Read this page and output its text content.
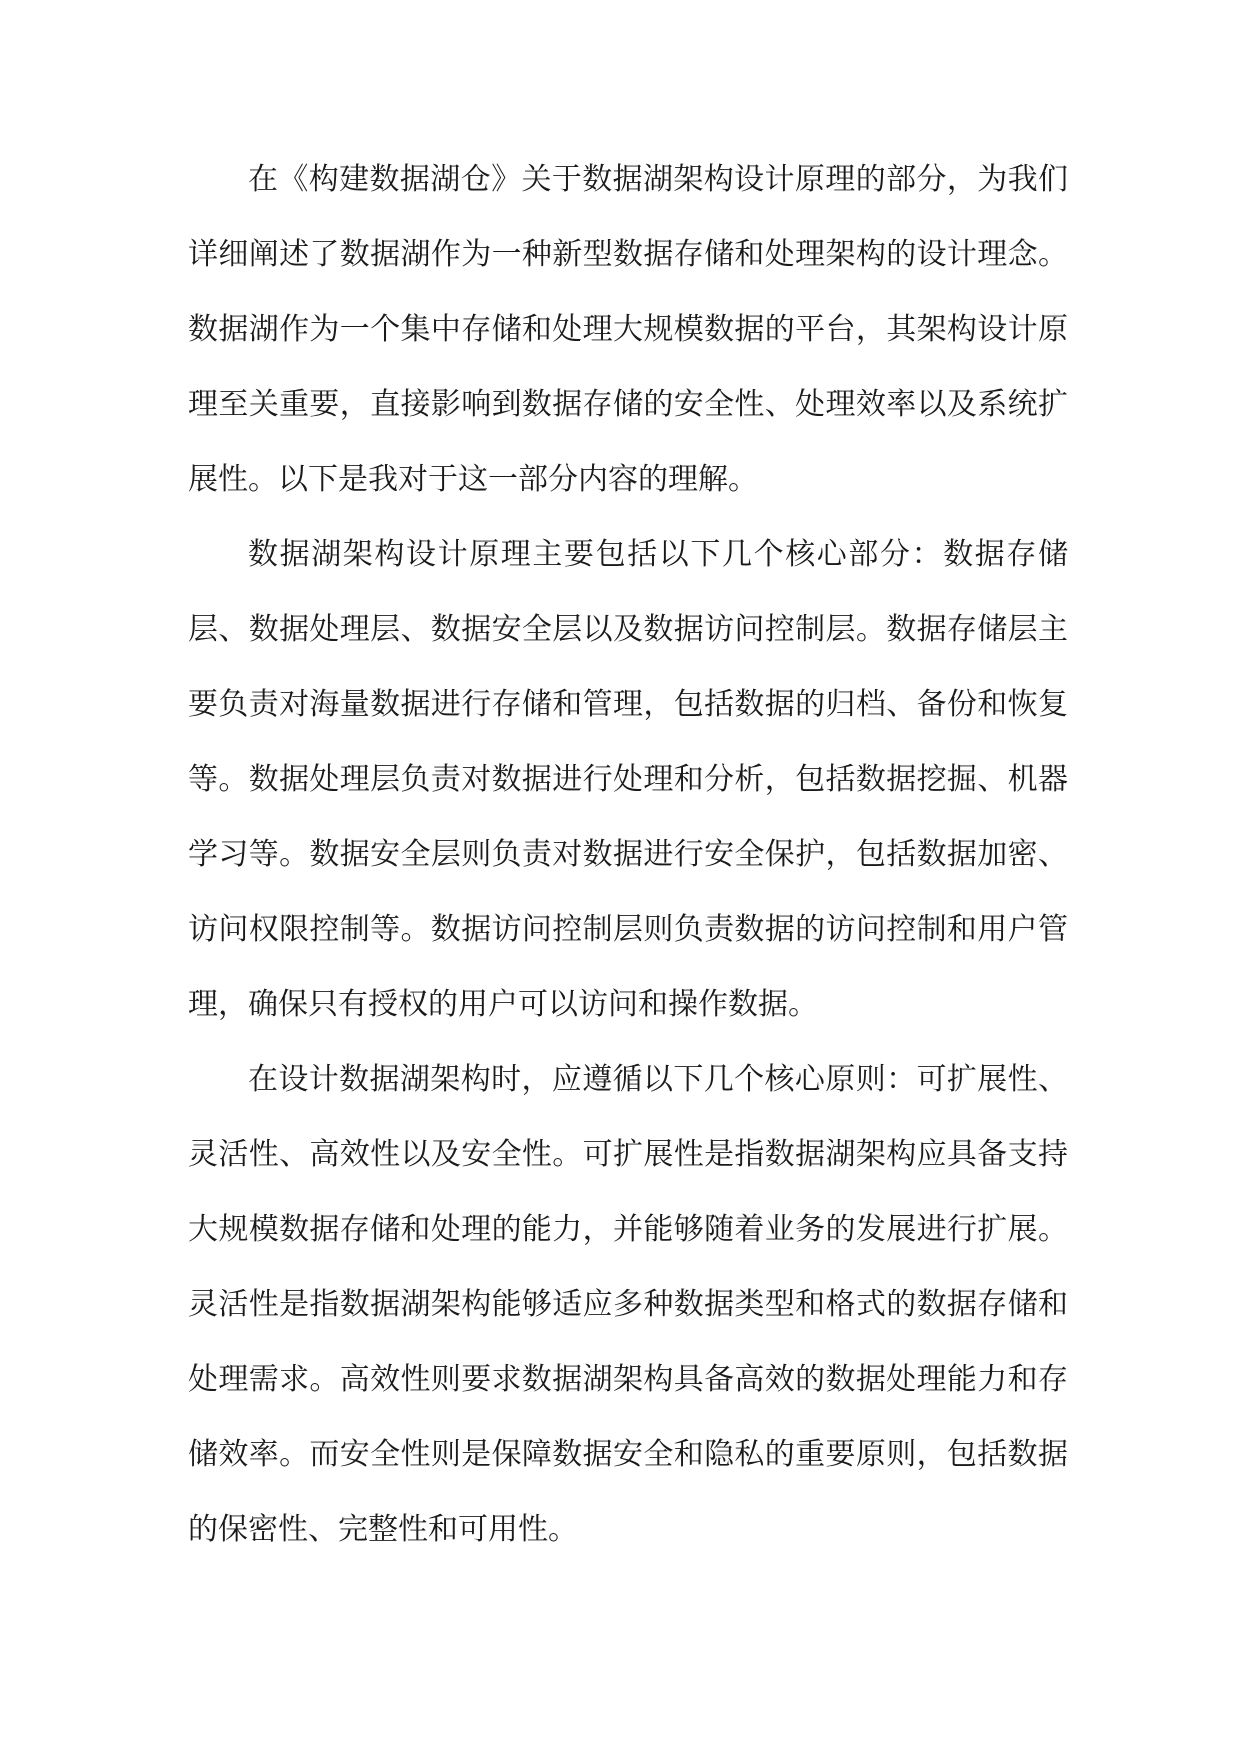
在《构建数据湖仓》关于数据湖架构设计原理的部分，为我们详细阐述了数据湖作为一种新型数据存储和处理架构的设计理念。数据湖作为一个集中存储和处理大规模数据的平台，其架构设计原理至关重要，直接影响到数据存储的安全性、处理效率以及系统扩展性。以下是我对于这一部分内容的理解。

数据湖架构设计原理主要包括以下几个核心部分：数据存储层、数据处理层、数据安全层以及数据访问控制层。数据存储层主要负责对海量数据进行存储和管理，包括数据的归档、备份和恢复等。数据处理层负责对数据进行处理和分析，包括数据挖掘、机器学习等。数据安全层则负责对数据进行安全保护，包括数据加密、访问权限控制等。数据访问控制层则负责数据的访问控制和用户管理，确保只有授权的用户可以访问和操作数据。

在设计数据湖架构时，应遵循以下几个核心原则：可扩展性、灵活性、高效性以及安全性。可扩展性是指数据湖架构应具备支持大规模数据存储和处理的能力，并能够随着业务的发展进行扩展。灵活性是指数据湖架构能够适应多种数据类型和格式的数据存储和处理需求。高效性则要求数据湖架构具备高效的数据处理能力和存储效率。而安全性则是保障数据安全和隐私的重要原则，包括数据的保密性、完整性和可用性。
